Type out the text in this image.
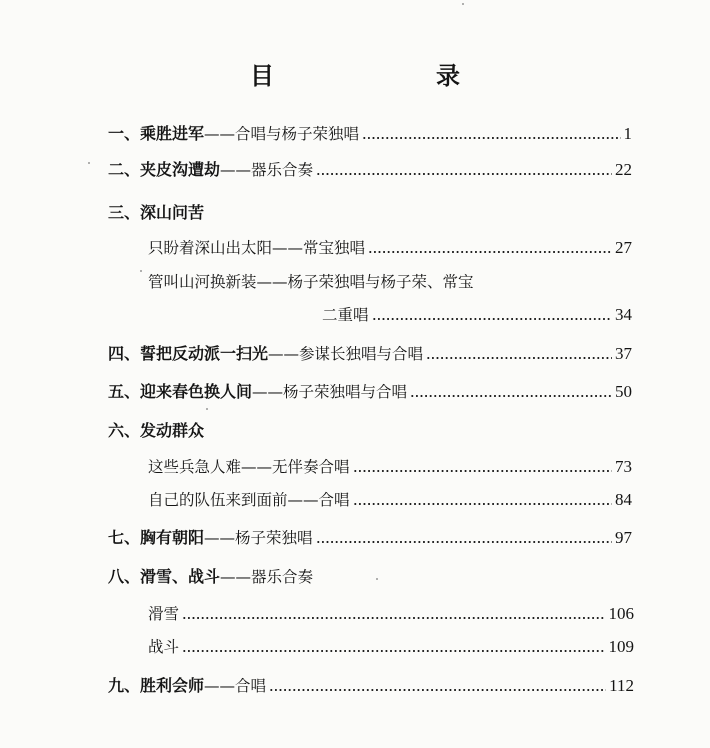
目　　录
一、乘胜进军 ——合唱与杨子荣独唱	1
二、夹皮沟遭劫 ——器乐合奏	22
三、深山问苦
只盼着深山出太阳——常宝独唱	27
管叫山河换新装——杨子荣独唱与杨子荣、常宝
二重唱	34
四、誓把反动派一扫光 ——参谋长独唱与合唱	37
五、迎来春色换人间 ——杨子荣独唱与合唱	50
六、发动群众
这些兵急人难——无伴奏合唱	73
自己的队伍来到面前——合唱	84
七、胸有朝阳 ——杨子荣独唱	97
八、滑雪、战斗 ——器乐合奏
滑雪	106
战斗	109
九、胜利会师 ——合唱	112
